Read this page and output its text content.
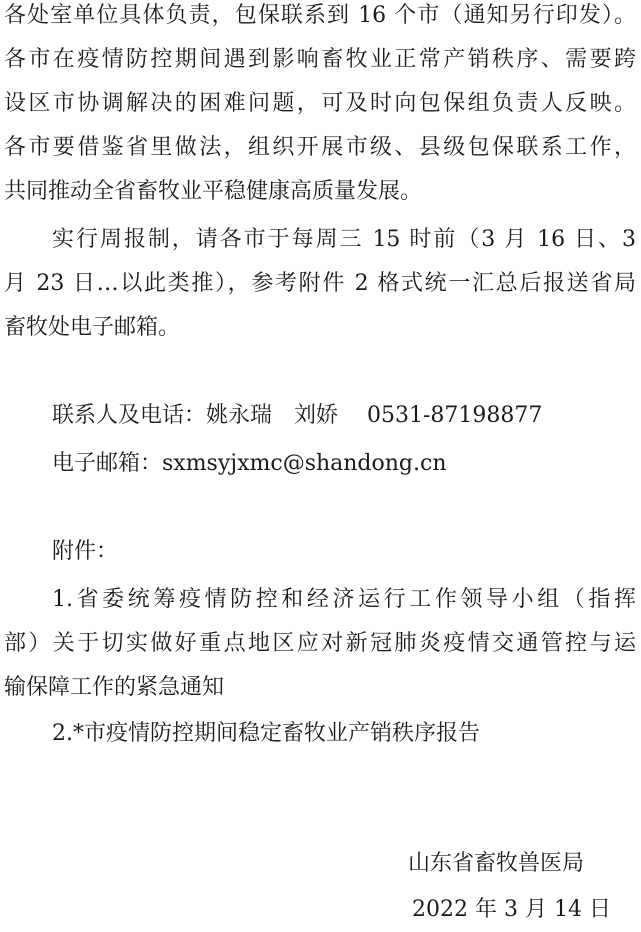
各处室单位具体负责，包保联系到 16 个市（通知另行印发）。
各市在疫情防控期间遇到影响畜牧业正常产销秩序、需要跨
设区市协调解决的困难问题，可及时向包保组负责人反映。
各市要借鉴省里做法，组织开展市级、县级包保联系工作，
共同推动全省畜牧业平稳健康高质量发展。
实行周报制，请各市于每周三 15 时前（3 月 16 日、3
月 23 日…以此类推），参考附件 2 格式统一汇总后报送省局
畜牧处电子邮箱。
联系人及电话：姚永瑞　刘娇　 0531-87198877
电子邮箱：sxmsyjxmc@shandong.cn
附件：
1.省委统筹疫情防控和经济运行工作领导小组（指挥
部）关于切实做好重点地区应对新冠肺炎疫情交通管控与运
输保障工作的紧急通知
2.*市疫情防控期间稳定畜牧业产销秩序报告
山东省畜牧兽医局
2022 年 3 月 14 日
